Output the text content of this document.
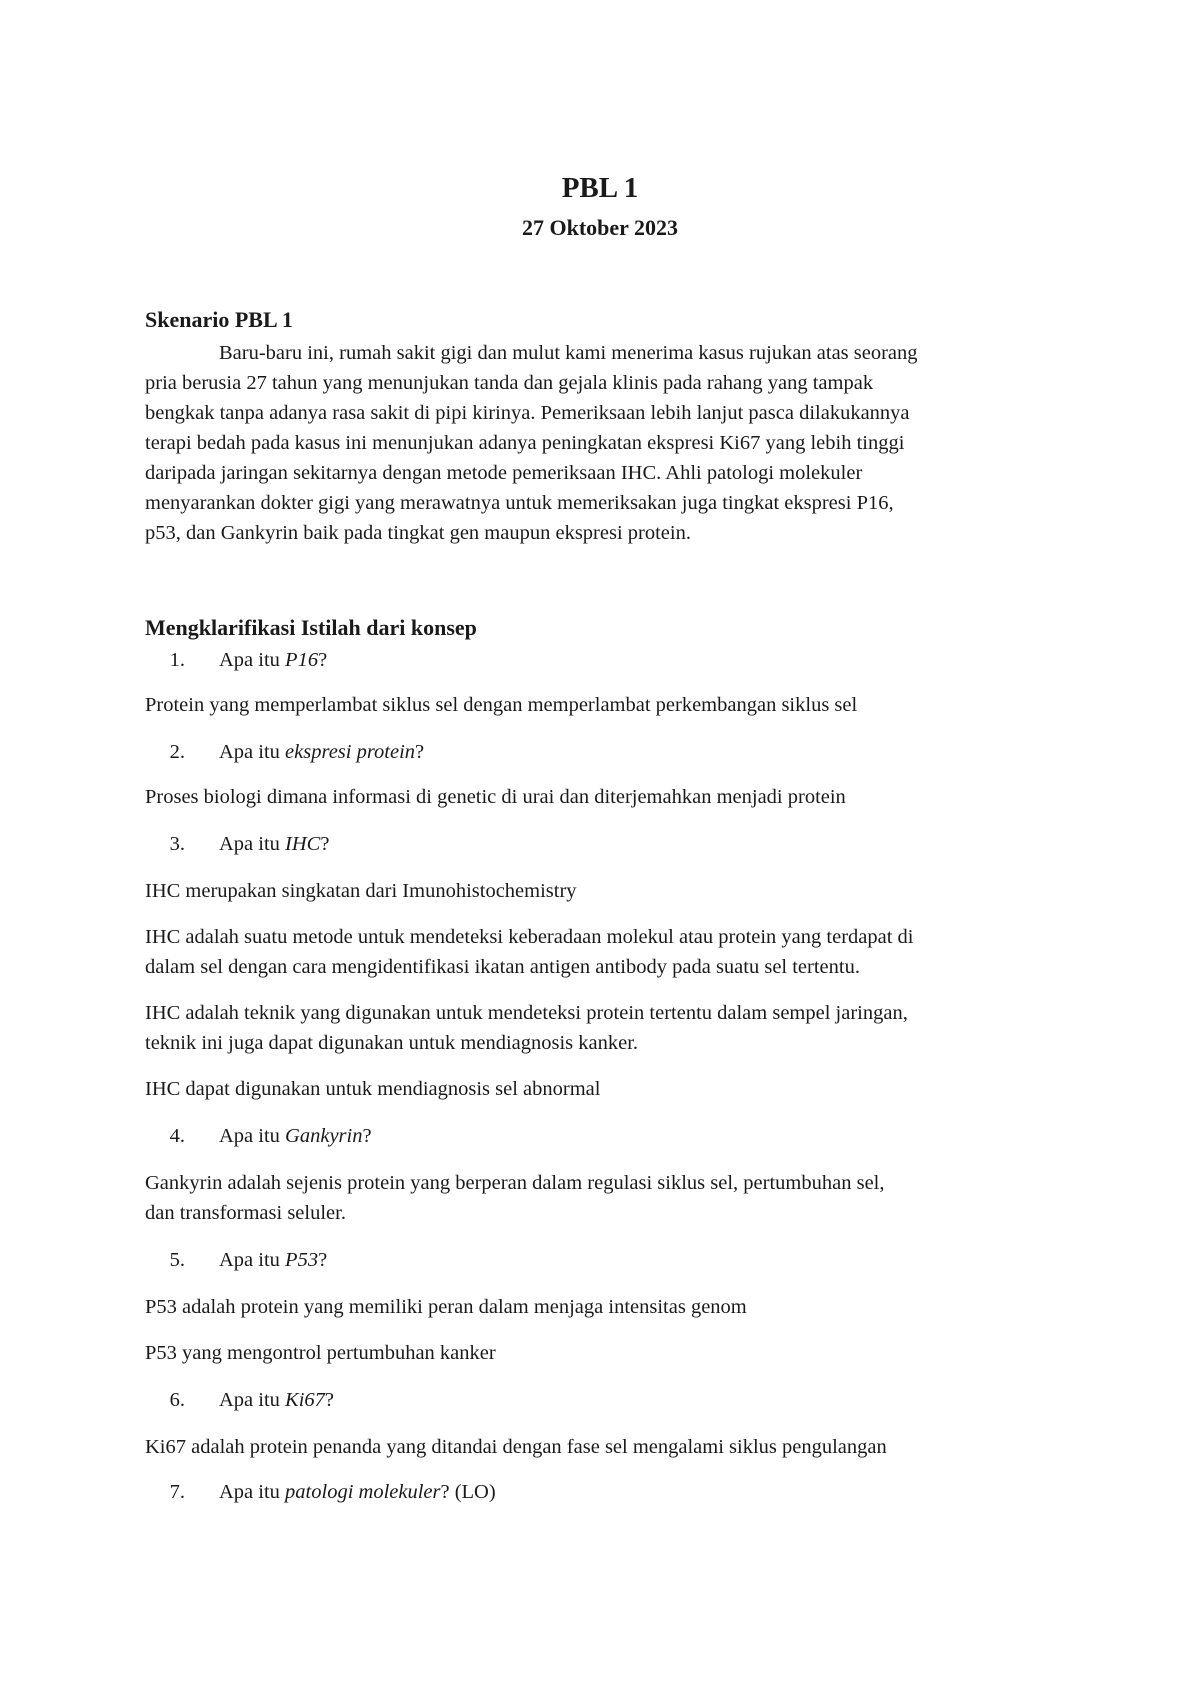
PBL 1
27 Oktober 2023
Skenario PBL 1

Baru-baru ini, rumah sakit gigi dan mulut kami menerima kasus rujukan atas seorang
pria berusia 27 tahun yang menunjukan tanda dan gejala klinis pada rahang yang tampak
bengkak tanpa adanya rasa sakit di pipi kirinya. Pemeriksaan lebih lanjut pasca dilakukannya
terapi bedah pada kasus ini menunjukan adanya peningkatan ekspresi Ki67 yang lebih tinggi
daripada jaringan sekitarnya dengan metode pemeriksaan IHC. Ahli patologi molekuler
menyarankan dokter gigi yang merawatnya untuk memeriksakan juga tingkat ekspresi P16,
p53, dan Gankyrin baik pada tingkat gen maupun ekspresi protein.

Mengklarifikasi Istilah dari konsep
1. Apa itu P16?
Protein yang memperlambat siklus sel dengan memperlambat perkembangan siklus sel
2. Apa itu ekspresi protein?
Proses biologi dimana informasi di genetic di urai dan diterjemahkan menjadi protein
3. Apa itu IHC?
IHC merupakan singkatan dari Imunohistochemistry
IHC adalah suatu metode untuk mendeteksi keberadaan molekul atau protein yang terdapat di
dalam sel dengan cara mengidentifikasi ikatan antigen antibody pada suatu sel tertentu.
IHC adalah teknik yang digunakan untuk mendeteksi protein tertentu dalam sempel jaringan,
teknik ini juga dapat digunakan untuk mendiagnosis kanker.
IHC dapat digunakan untuk mendiagnosis sel abnormal
4. Apa itu Gankyrin?
Gankyrin adalah sejenis protein yang berperan dalam regulasi siklus sel, pertumbuhan sel,
dan transformasi seluler.
5. Apa itu P53?
P53 adalah protein yang memiliki peran dalam menjaga intensitas genom
P53 yang mengontrol pertumbuhan kanker
6. Apa itu Ki67?
Ki67 adalah protein penanda yang ditandai dengan fase sel mengalami siklus pengulangan
7. Apa itu patologi molekuler? (LO)
